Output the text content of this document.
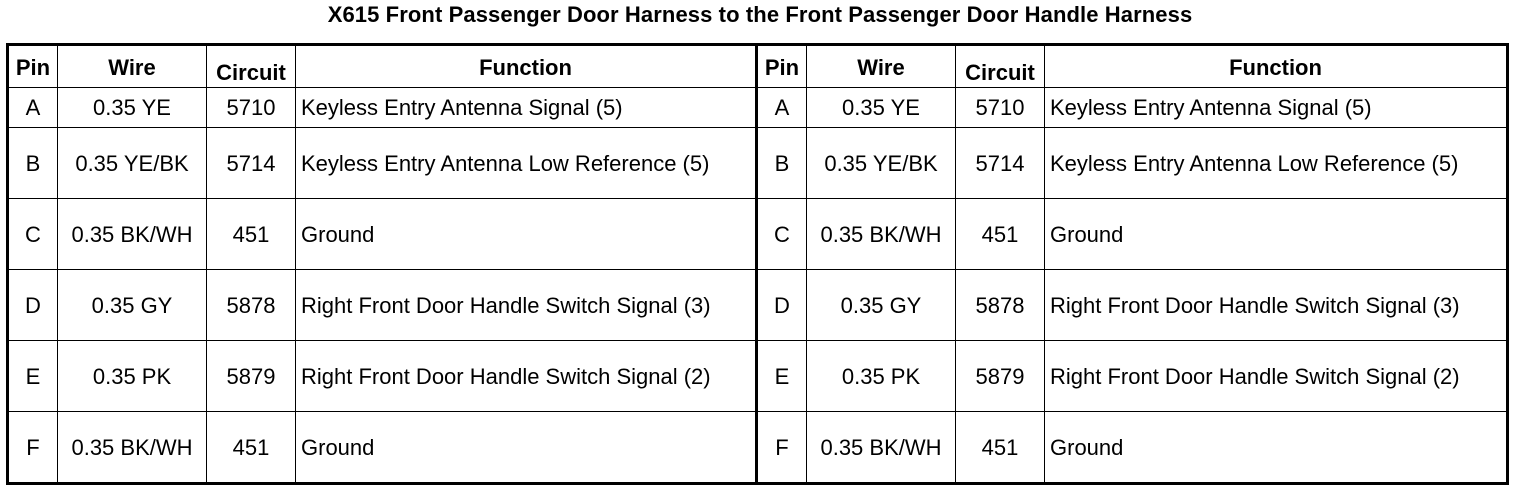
X615 Front Passenger Door Harness to the Front Passenger Door Handle Harness
Pin	Wire	Circuit	Function	Pin	Wire	Circuit	Function
A	0.35 YE	5710	Keyless Entry Antenna Signal (5)	A	0.35 YE	5710	Keyless Entry Antenna Signal (5)
B	0.35 YE/BK	5714	Keyless Entry Antenna Low Reference (5)	B	0.35 YE/BK	5714	Keyless Entry Antenna Low Reference (5)
C	0.35 BK/WH	451	Ground	C	0.35 BK/WH	451	Ground
D	0.35 GY	5878	Right Front Door Handle Switch Signal (3)	D	0.35 GY	5878	Right Front Door Handle Switch Signal (3)
E	0.35 PK	5879	Right Front Door Handle Switch Signal (2)	E	0.35 PK	5879	Right Front Door Handle Switch Signal (2)
F	0.35 BK/WH	451	Ground	F	0.35 BK/WH	451	Ground
